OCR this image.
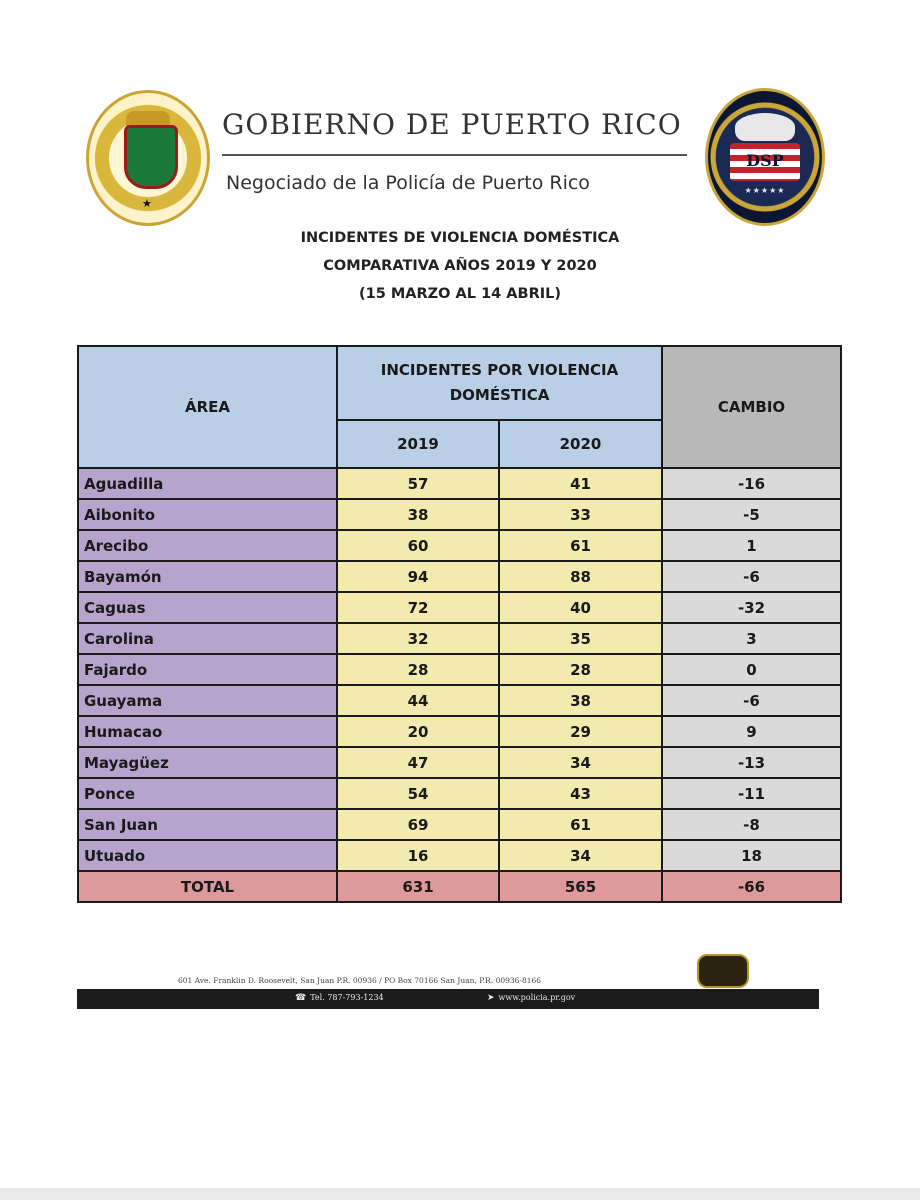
★
GOBIERNO DE PUERTO RICO
Negociado de la Policía de Puerto Rico
DSP
★★★★★
INCIDENTES DE VIOLENCIA DOMÉSTICA
COMPARATIVA AÑOS 2019 Y 2020
(15 MARZO AL 14 ABRIL)
ÁREA	INCIDENTES POR VIOLENCIA DOMÉSTICA		CAMBIO
	2019	2020	
Aguadilla	57	41	-16
Aibonito	38	33	-5
Arecibo	60	61	1
Bayamón	94	88	-6
Caguas	72	40	-32
Carolina	32	35	3
Fajardo	28	28	0
Guayama	44	38	-6
Humacao	20	29	9
Mayagüez	47	34	-13
Ponce	54	43	-11
San Juan	69	61	-8
Utuado	16	34	18
TOTAL	631	565	-66
601 Ave. Franklin D. Roosevelt, San Juan P.R. 00936 / PO Box 70166 San Juan, P.R. 00936-8166
☎ Tel. 787-793-1234	➤ www.policia.pr.gov
